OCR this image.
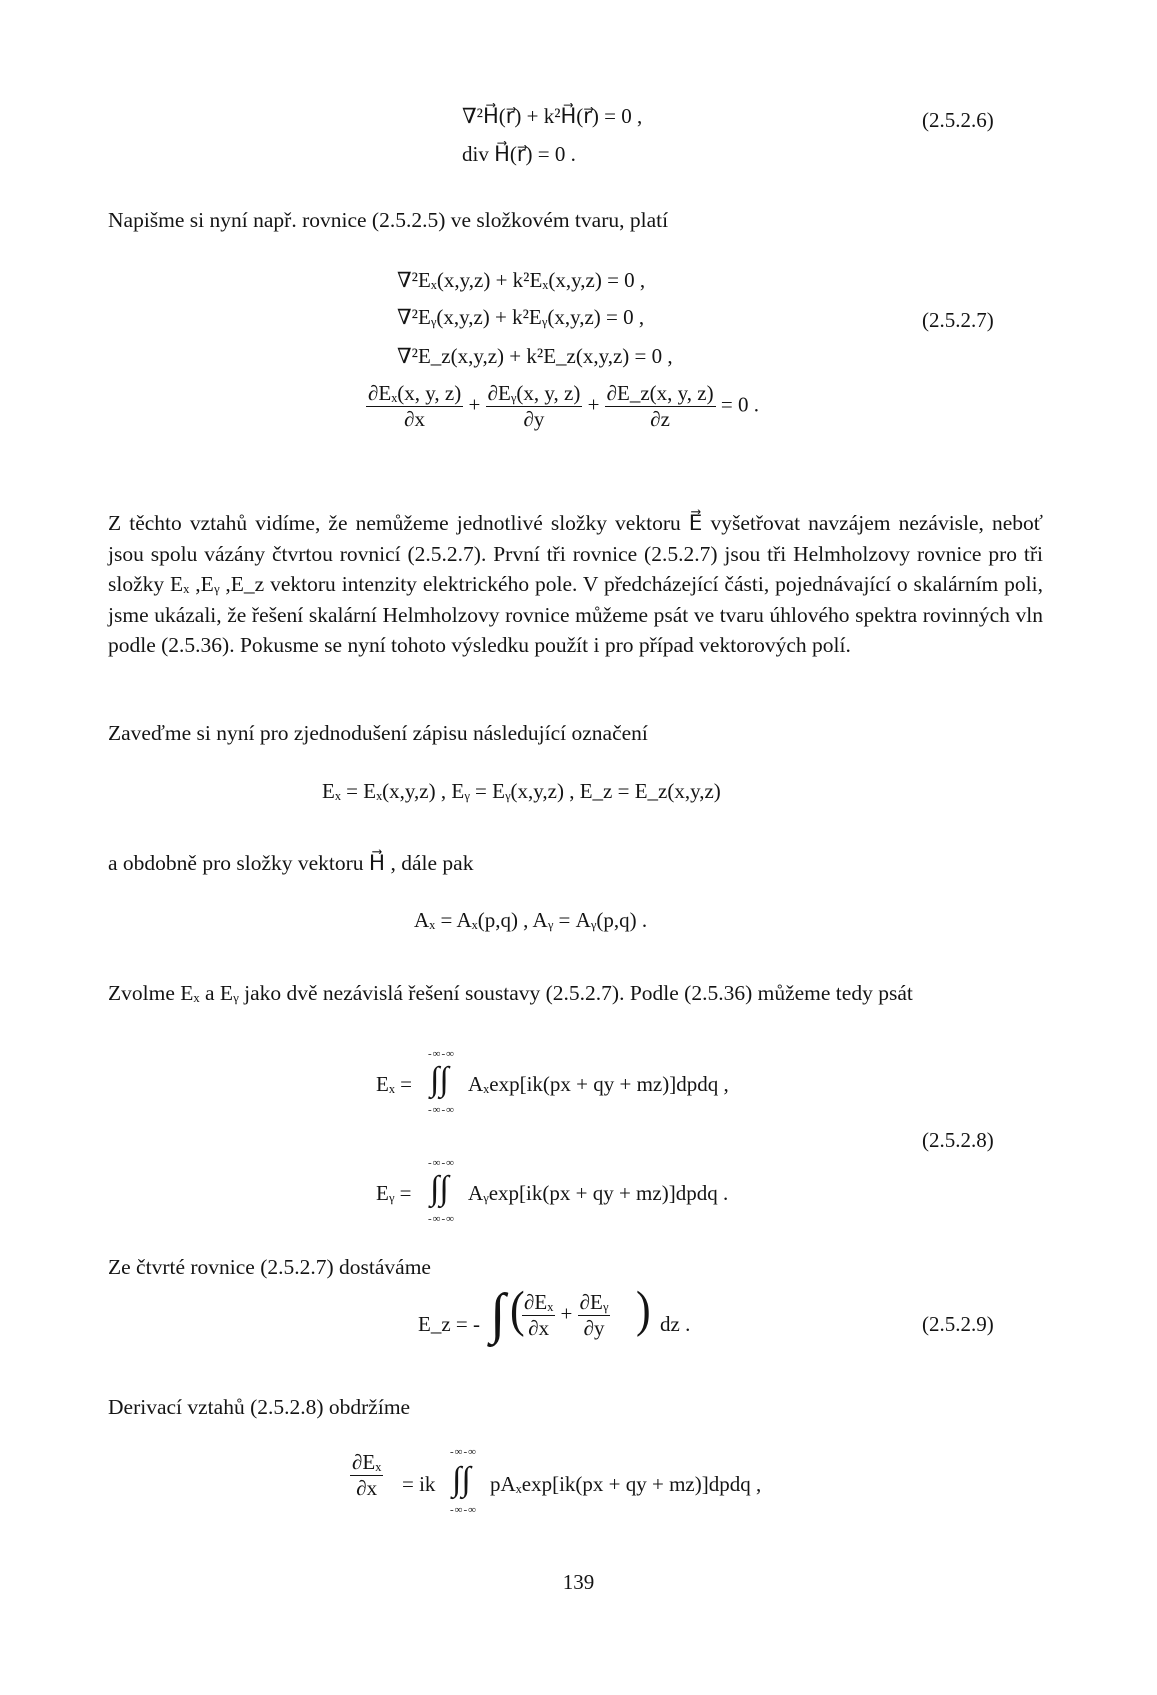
∇²H⃗(r⃗) + k²H⃗(r⃗) = 0 ,
div H⃗(r⃗) = 0 .
(2.5.2.6)

Napišme si nyní např. rovnice (2.5.2.5) ve složkovém tvaru, platí

∇²Eₓ(x,y,z) + k²Eₓ(x,y,z) = 0 ,
∇²Eᵧ(x,y,z) + k²Eᵧ(x,y,z) = 0 ,
∇²E_z(x,y,z) + k²E_z(x,y,z) = 0 ,
(2.5.2.7)
$\frac{\text{∂Eₓ(x, y, z)}}{\partial x} + \frac{\text{∂Eᵧ(x, y, z)}}{\partial y} + \frac{\partial E\_z(x, y, z)}{\partial z} = 0$ .

Z těchto vztahů vidíme, že nemůžeme jednotlivé složky vektoru E⃗ vyšetřovat navzájem nezávisle, neboť jsou spolu vázány čtvrtou rovnicí (2.5.2.7). První tři rovnice (2.5.2.7) jsou tři Helmholzovy rovnice pro tři složky Eₓ ,Eᵧ ,E_z vektoru intenzity elektrického pole. V předcházející části, pojednávající o skalárním poli, jsme ukázali, že řešení skalární Helmholzovy rovnice můžeme psát ve tvaru úhlového spektra rovinných vln podle (2.5.36). Pokusme se nyní tohoto výsledku použít i pro případ vektorových polí.

Zaveďme si nyní pro zjednodušení zápisu následující označení

Eₓ = Eₓ(x,y,z) , Eᵧ = Eᵧ(x,y,z) , E_z = E_z(x,y,z)

a obdobně pro složky vektoru H⃗ , dále pak

Aₓ = Aₓ(p,q) , Aᵧ = Aᵧ(p,q) .

Zvolme Eₓ a Eᵧ jako dvě nezávislá řešení soustavy (2.5.2.7). Podle (2.5.36) můžeme tedy psát

-∞-∞
Eₓ = ∫∫ Aₓexp[ik(px + qy + mz)]dpdq ,
-∞-∞
(2.5.2.8)
-∞-∞
Eᵧ = ∫∫ Aᵧexp[ik(px + qy + mz)]dpdq .
-∞-∞

Ze čtvrté rovnice (2.5.2.7) dostáváme

E_z = - ∫ (
$\frac{\text{∂Eₓ}}{\partial x} + \frac{\text{∂Eᵧ}}{\partial y}$ ) dz .	(2.5.2.9)

Derivací vztahů (2.5.2.8) obdržíme

$\frac{\text{∂Eₓ}}{\partial x}$ = ik
-∞-∞
∫∫ pAₓexp[ik(px + qy + mz)]dpdq ,
-∞-∞
139
